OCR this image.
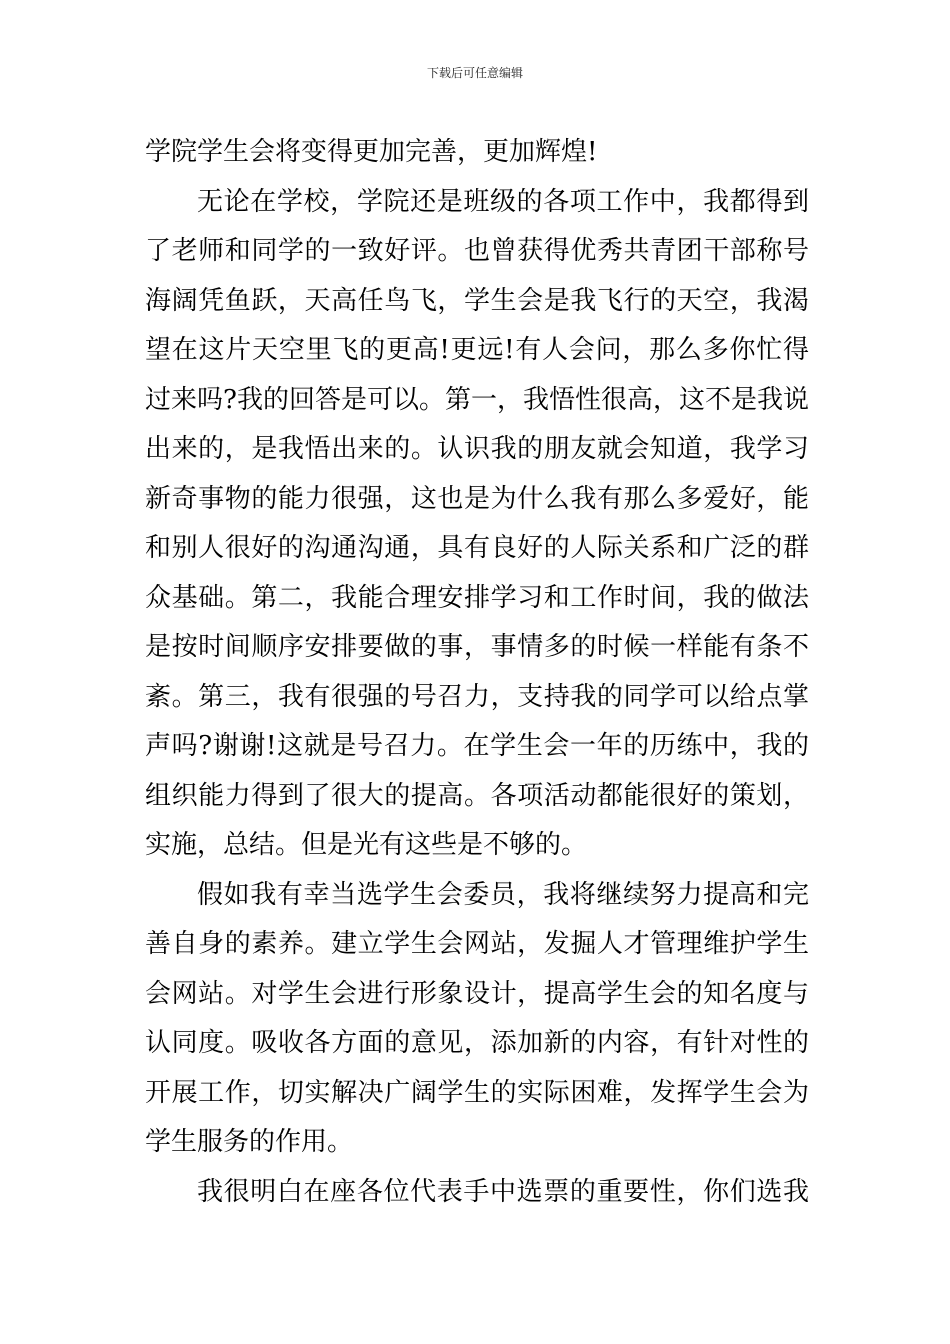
下载后可任意编辑
学院学生会将变得更加完善，更加辉煌!
无论在学校，学院还是班级的各项工作中，我都得到
了老师和同学的一致好评。也曾获得优秀共青团干部称号
海阔凭鱼跃，天高任鸟飞，学生会是我飞行的天空，我渴
望在这片天空里飞的更高!更远!有人会问，那么多你忙得
过来吗?我的回答是可以。第一，我悟性很高，这不是我说
出来的，是我悟出来的。认识我的朋友就会知道，我学习
新奇事物的能力很强，这也是为什么我有那么多爱好，能
和别人很好的沟通沟通，具有良好的人际关系和广泛的群
众基础。第二，我能合理安排学习和工作时间，我的做法
是按时间顺序安排要做的事，事情多的时候一样能有条不
紊。第三，我有很强的号召力，支持我的同学可以给点掌
声吗?谢谢!这就是号召力。在学生会一年的历练中，我的
组织能力得到了很大的提高。各项活动都能很好的策划，
实施，总结。但是光有这些是不够的。
假如我有幸当选学生会委员，我将继续努力提高和完
善自身的素养。建立学生会网站，发掘人才管理维护学生
会网站。对学生会进行形象设计，提高学生会的知名度与
认同度。吸收各方面的意见，添加新的内容，有针对性的
开展工作，切实解决广阔学生的实际困难，发挥学生会为
学生服务的作用。
我很明白在座各位代表手中选票的重要性，你们选我
